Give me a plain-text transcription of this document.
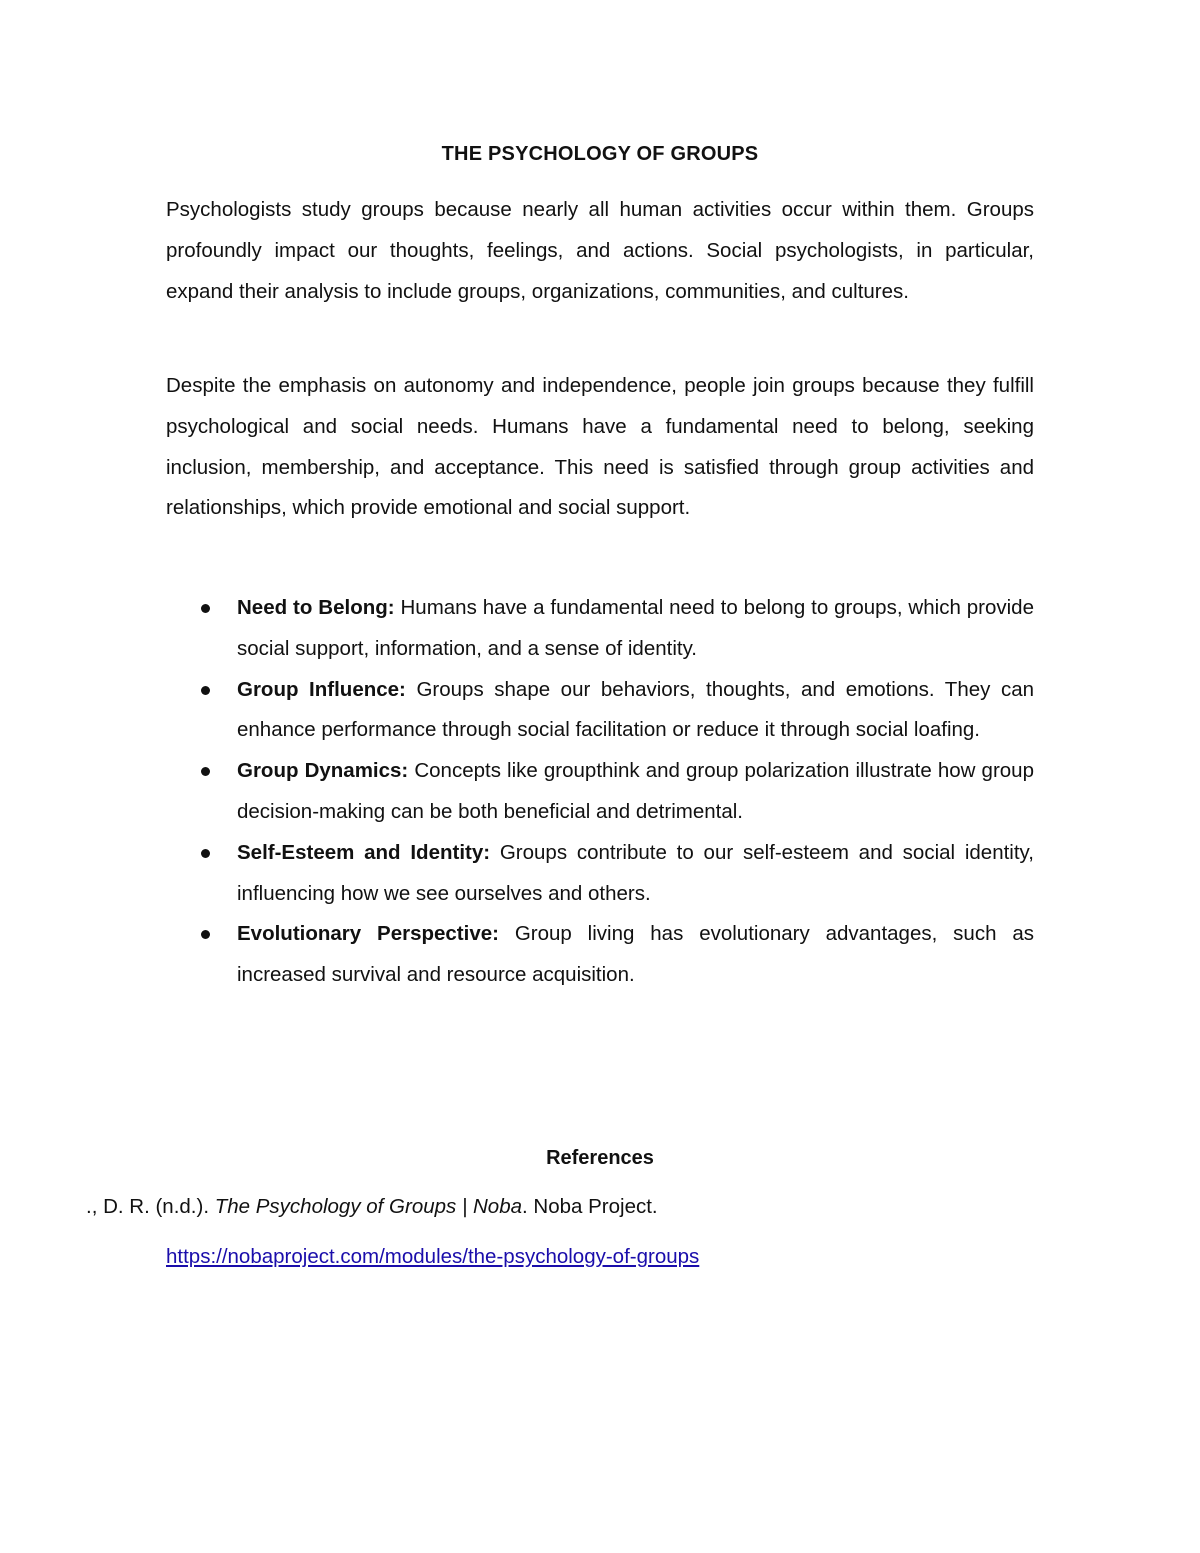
THE PSYCHOLOGY OF GROUPS

Psychologists study groups because nearly all human activities occur within them. Groups profoundly impact our thoughts, feelings, and actions. Social psychologists, in particular, expand their analysis to include groups, organizations, communities, and cultures.

Despite the emphasis on autonomy and independence, people join groups because they fulfill psychological and social needs. Humans have a fundamental need to belong, seeking inclusion, membership, and acceptance. This need is satisfied through group activities and relationships, which provide emotional and social support.

Need to Belong: Humans have a fundamental need to belong to groups, which provide social support, information, and a sense of identity.
Group Influence: Groups shape our behaviors, thoughts, and emotions. They can enhance performance through social facilitation or reduce it through social loafing.
Group Dynamics: Concepts like groupthink and group polarization illustrate how group decision-making can be both beneficial and detrimental.
Self-Esteem and Identity: Groups contribute to our self-esteem and social identity, influencing how we see ourselves and others.
Evolutionary Perspective: Group living has evolutionary advantages, such as increased survival and resource acquisition.
References
., D. R. (n.d.). The Psychology of Groups | Noba. Noba Project.
https://nobaproject.com/modules/the-psychology-of-groups
